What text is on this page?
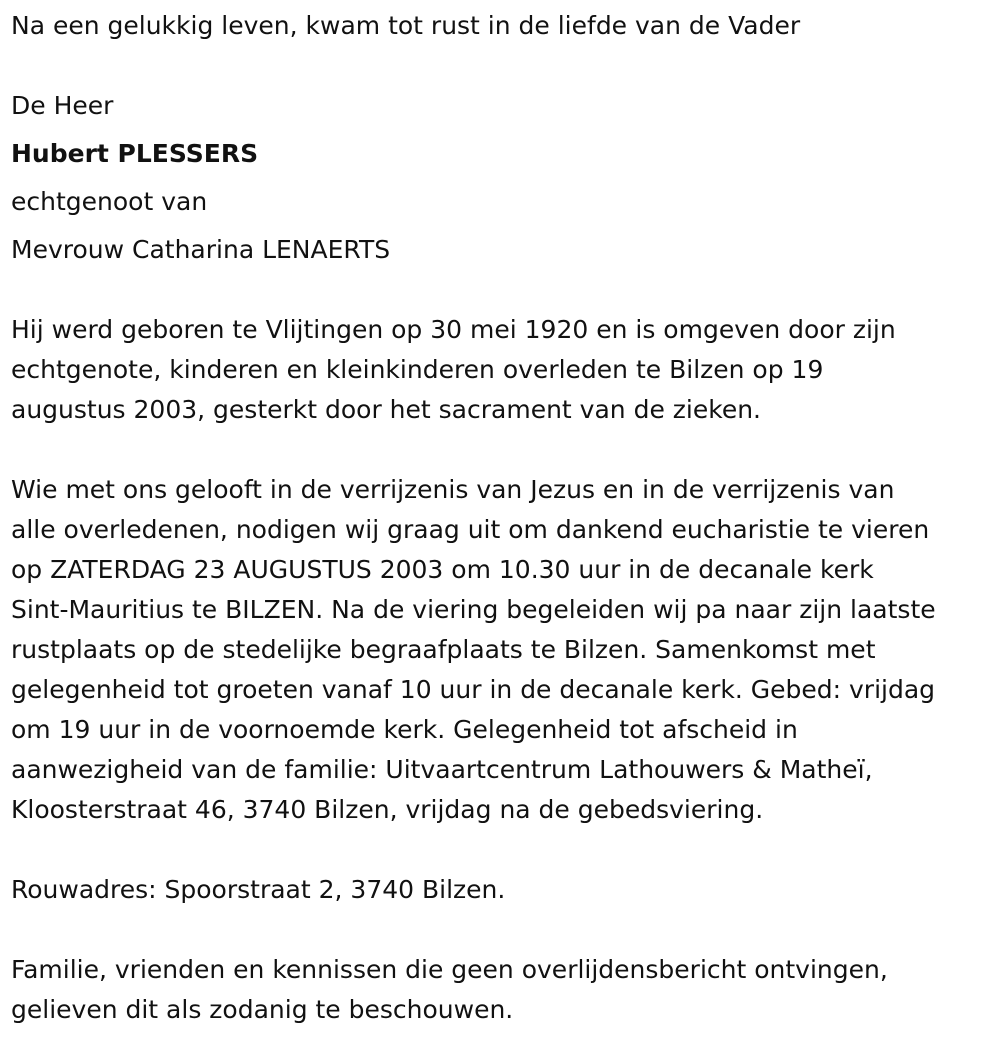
Na een gelukkig leven, kwam tot rust in de liefde van de Vader
De Heer
Hubert PLESSERS
echtgenoot van
Mevrouw Catharina LENAERTS
Hij werd geboren te Vlijtingen op 30 mei 1920 en is omgeven door zijn
echtgenote, kinderen en kleinkinderen overleden te Bilzen op 19
augustus 2003, gesterkt door het sacrament van de zieken.
Wie met ons gelooft in de verrijzenis van Jezus en in de verrijzenis van
alle overledenen, nodigen wij graag uit om dankend eucharistie te vieren
op ZATERDAG 23 AUGUSTUS 2003 om 10.30 uur in de decanale kerk
Sint-Mauritius te BILZEN. Na de viering begeleiden wij pa naar zijn laatste
rustplaats op de stedelijke begraafplaats te Bilzen. Samenkomst met
gelegenheid tot groeten vanaf 10 uur in de decanale kerk. Gebed: vrijdag
om 19 uur in de voornoemde kerk. Gelegenheid tot afscheid in
aanwezigheid van de familie: Uitvaartcentrum Lathouwers & Matheï,
Kloosterstraat 46, 3740 Bilzen, vrijdag na de gebedsviering.
Rouwadres: Spoorstraat 2, 3740 Bilzen.
Familie, vrienden en kennissen die geen overlijdensbericht ontvingen,
gelieven dit als zodanig te beschouwen.
